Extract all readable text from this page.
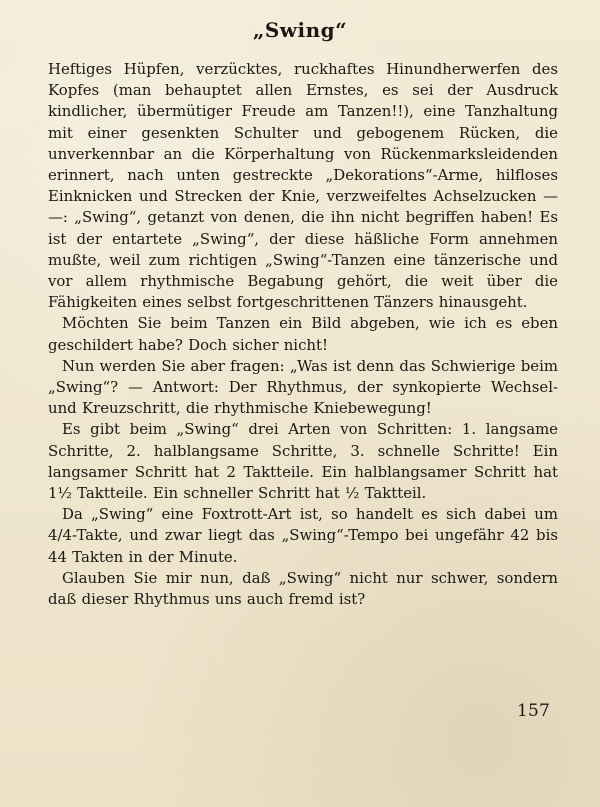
„Swing“

Heftiges Hüpfen, verzücktes, ruckhaftes Hinundherwerfen des Kopfes (man behauptet allen Ernstes, es sei der Ausdruck kindlicher, übermütiger Freude am Tanzen!!), eine Tanzhaltung mit einer gesenkten Schulter und gebogenem Rücken, die unverkennbar an die Körperhaltung von Rückenmarksleidenden erinnert, nach unten gestreckte „Dekorations“-Arme, hilfloses Einknicken und Strecken der Knie, verzweifeltes Achselzucken — —: „Swing“, getanzt von denen, die ihn nicht begriffen haben! Es ist der entartete „Swing“, der diese häßliche Form annehmen mußte, weil zum richtigen „Swing“-Tanzen eine tänzerische und vor allem rhythmische Begabung gehört, die weit über die Fähigkeiten eines selbst fortgeschrittenen Tänzers hinausgeht.

Möchten Sie beim Tanzen ein Bild abgeben, wie ich es eben geschildert habe? Doch sicher nicht!

Nun werden Sie aber fragen: „Was ist denn das Schwierige beim „Swing“? — Antwort: Der Rhythmus, der synkopierte Wechsel- und Kreuzschritt, die rhythmische Kniebewegung!

Es gibt beim „Swing“ drei Arten von Schritten: 1. langsame Schritte, 2. halblangsame Schritte, 3. schnelle Schritte! Ein langsamer Schritt hat 2 Taktteile. Ein halblangsamer Schritt hat 1½ Taktteile. Ein schneller Schritt hat ½ Taktteil.

Da „Swing“ eine Foxtrott-Art ist, so handelt es sich dabei um 4/4-Takte, und zwar liegt das „Swing“-Tempo bei ungefähr 42 bis 44 Takten in der Minute.

Glauben Sie mir nun, daß „Swing“ nicht nur schwer, sondern daß dieser Rhythmus uns auch fremd ist?

157
